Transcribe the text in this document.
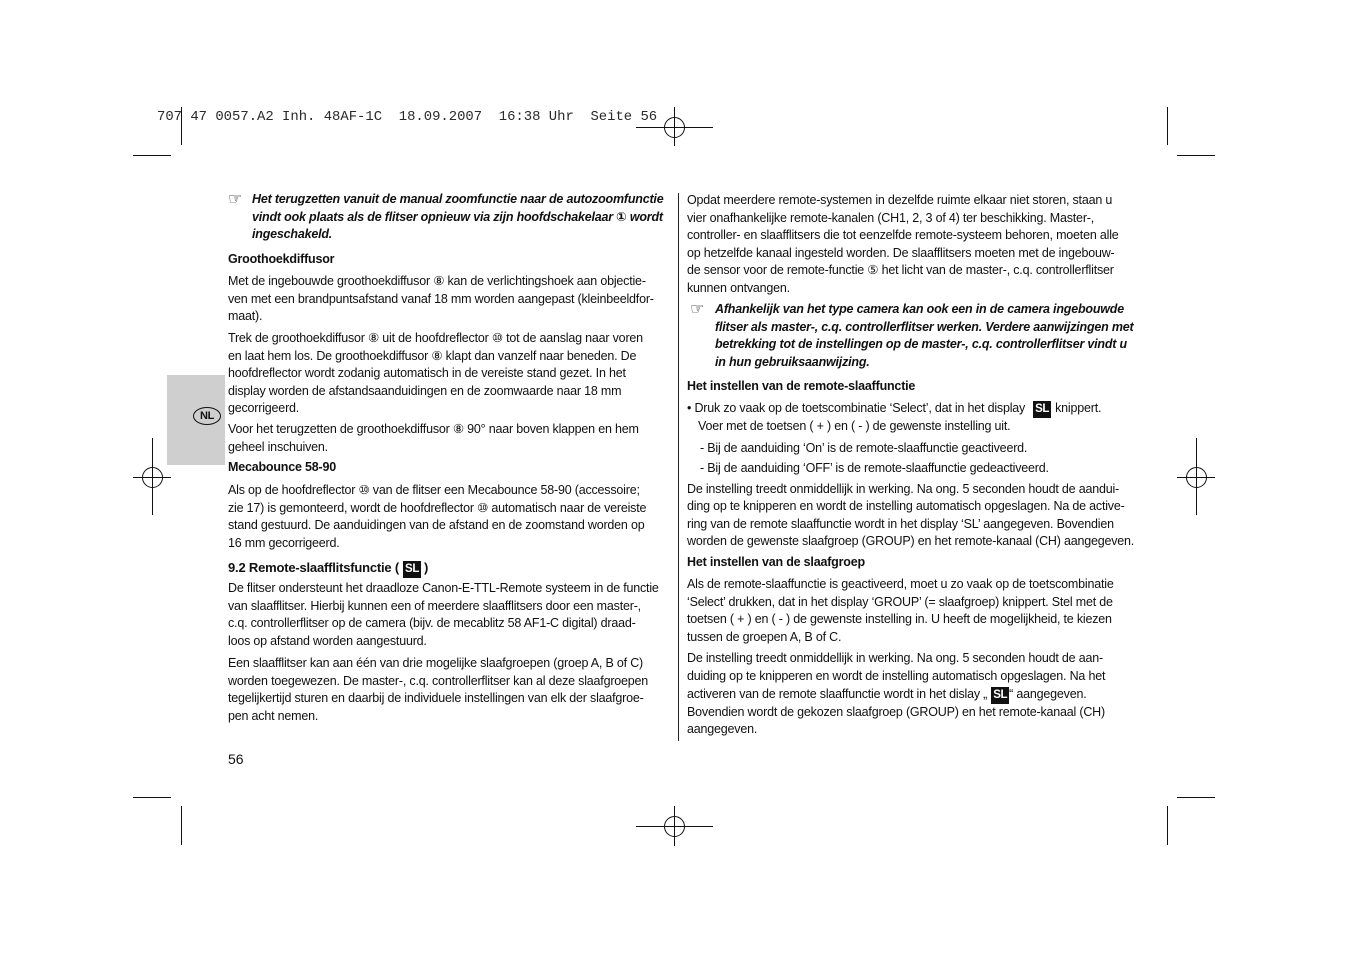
707 47 0057.A2 Inh. 48AF-1C  18.09.2007  16:38 Uhr  Seite 56
NL
☞
Het terugzetten vanuit de manual zoomfunctie naar de autozoomfunctie
vindt ook plaats als de flitser opnieuw via zijn hoofdschakelaar ① wordt
ingeschakeld.
Groothoekdiffusor
Met de ingebouwde groothoekdiffusor ⑧ kan de verlichtingshoek aan objectie-
ven met een brandpuntsafstand vanaf 18 mm worden aangepast (kleinbeeldfor-
maat).
Trek de groothoekdiffusor ⑧ uit de hoofdreflector ⑩ tot de aanslag naar voren
en laat hem los. De groothoekdiffusor ⑧ klapt dan vanzelf naar beneden. De
hoofdreflector wordt zodanig automatisch in de vereiste stand gezet. In het
display worden de afstandsaanduidingen en de zoomwaarde naar 18 mm
gecorrigeerd.
Voor het terugzetten de groothoekdiffusor ⑧ 90° naar boven klappen en hem
geheel inschuiven.
Mecabounce 58-90
Als op de hoofdreflector ⑩ van de flitser een Mecabounce 58-90 (accessoire;
zie 17) is gemonteerd, wordt de hoofdreflector ⑩ automatisch naar de vereiste
stand gestuurd. De aanduidingen van de afstand en de zoomstand worden op
16 mm gecorrigeerd.
9.2 Remote-slaafflitsfunctie ( SL )
De flitser ondersteunt het draadloze Canon-E-TTL-Remote systeem in de functie
van slaafflitser. Hierbij kunnen een of meerdere slaafflitsers door een master-,
c.q. controllerflitser op de camera (bijv. de mecablitz 58 AF1-C digital) draad-
loos op afstand worden aangestuurd.
Een slaafflitser kan aan één van drie mogelijke slaafgroepen (groep A, B of C)
worden toegewezen. De master-, c.q. controllerflitser kan al deze slaafgroepen
tegelijkertijd sturen en daarbij de individuele instellingen van elk der slaafgroe-
pen acht nemen.
56
Opdat meerdere remote-systemen in dezelfde ruimte elkaar niet storen, staan u
vier onafhankelijke remote-kanalen (CH1, 2, 3 of 4) ter beschikking. Master-,
controller- en slaafflitsers die tot eenzelfde remote-systeem behoren, moeten alle
op hetzelfde kanaal ingesteld worden. De slaafflitsers moeten met de ingebouw-
de sensor voor de remote-functie ⑤ het licht van de master-, c.q. controllerflitser
kunnen ontvangen.
☞
Afhankelijk van het type camera kan ook een in de camera ingebouwde
flitser als master-, c.q. controllerflitser werken. Verdere aanwijzingen met
betrekking tot de instellingen op de master-, c.q. controllerflitser vindt u
in hun gebruiksaanwijzing.
Het instellen van de remote-slaaffunctie
• Druk zo vaak op de toetscombinatie ‘Select’, dat in het display SL knippert.
Voer met de toetsen ( + ) en ( - ) de gewenste instelling uit.
- Bij de aanduiding ‘On’ is de remote-slaaffunctie geactiveerd.
- Bij de aanduiding ‘OFF’ is de remote-slaaffunctie gedeactiveerd.
De instelling treedt onmiddellijk in werking. Na ong. 5 seconden houdt de aandui-
ding op te knipperen en wordt de instelling automatisch opgeslagen. Na de active-
ring van de remote slaaffunctie wordt in het display ‘SL’ aangegeven. Bovendien
worden de gewenste slaafgroep (GROUP) en het remote-kanaal (CH) aangegeven.
Het instellen van de slaafgroep
Als de remote-slaaffunctie is geactiveerd, moet u zo vaak op de toetscombinatie
‘Select’ drukken, dat in het display ‘GROUP’ (= slaafgroep) knippert. Stel met de
toetsen ( + ) en ( - ) de gewenste instelling in. U heeft de mogelijkheid, te kiezen
tussen de groepen A, B of C.
De instelling treedt onmiddellijk in werking. Na ong. 5 seconden houdt de aan-
duiding op te knipperen en wordt de instelling automatisch opgeslagen. Na het
activeren van de remote slaaffunctie wordt in het dislay „ SL “ aangegeven.
Bovendien wordt de gekozen slaafgroep (GROUP) en het remote-kanaal (CH)
aangegeven.
